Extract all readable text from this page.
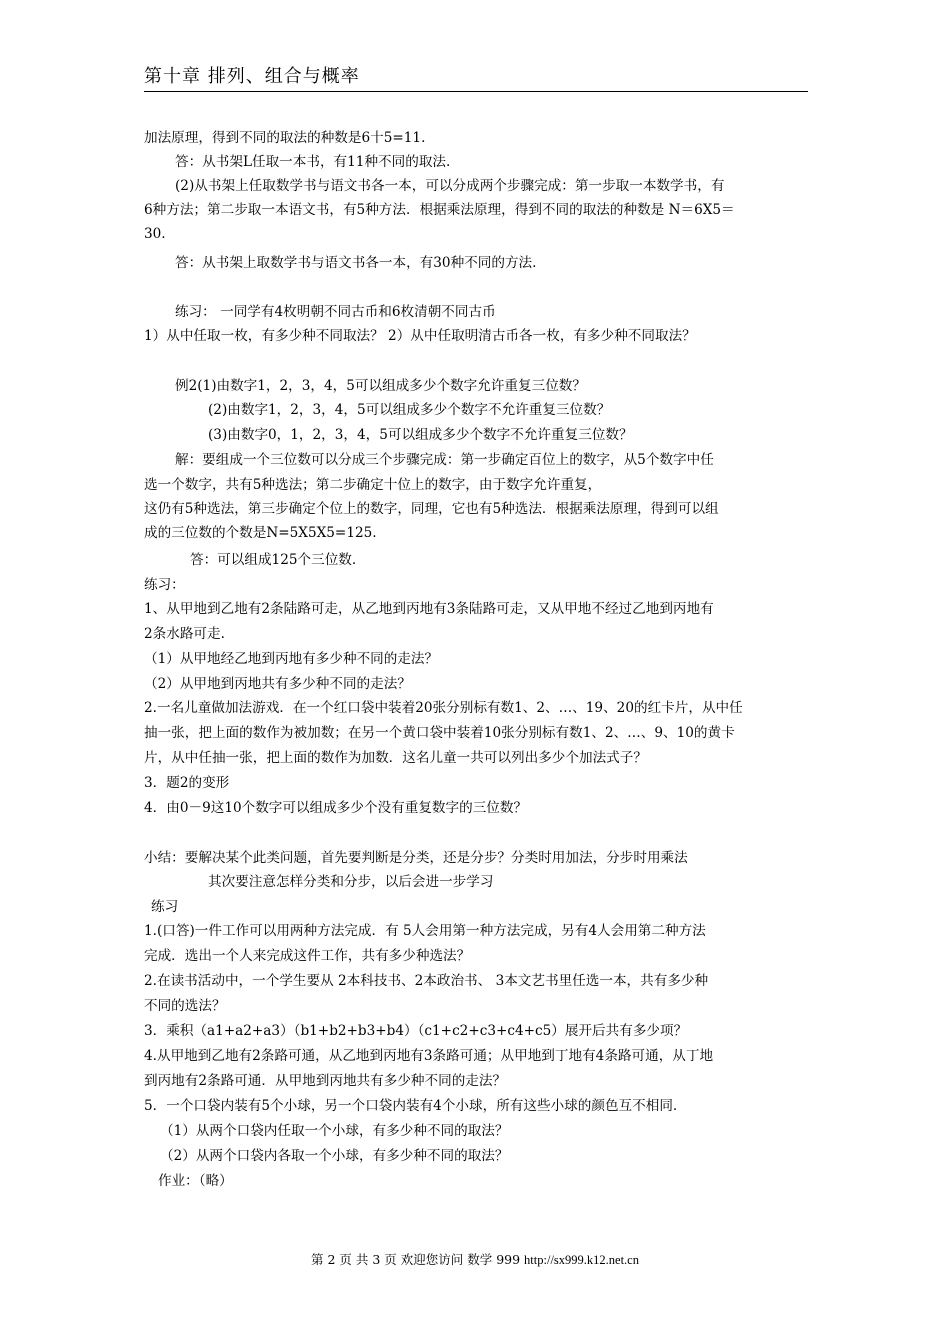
第十章 排列、组合与概率
加法原理，得到不同的取法的种数是6十5=11.
答：从书架L任取一本书，有11种不同的取法.
(2)从书架上任取数学书与语文书各一本，可以分成两个步骤完成：第一步取一本数学书，有
6种方法；第二步取一本语文书，有5种方法．根据乘法原理，得到不同的取法的种数是 N＝6X5＝
30.
答：从书架上取数学书与语文书各一本，有30种不同的方法.
练习： 一同学有4枚明朝不同古币和6枚清朝不同古币
1）从中任取一枚，有多少种不同取法？ 2）从中任取明清古币各一枚，有多少种不同取法？
例2(1)由数字1，2，3，4，5可以组成多少个数字允许重复三位数？
(2)由数字1，2，3，4，5可以组成多少个数字不允许重复三位数？
(3)由数字0，1，2，3，4，5可以组成多少个数字不允许重复三位数？
解：要组成一个三位数可以分成三个步骤完成：第一步确定百位上的数字，从5个数字中任
选一个数字，共有5种选法；第二步确定十位上的数字，由于数字允许重复，
这仍有5种选法，第三步确定个位上的数字，同理，它也有5种选法．根据乘法原理，得到可以组
成的三位数的个数是N=5X5X5=125.
答：可以组成125个三位数.
练习：
1、从甲地到乙地有2条陆路可走，从乙地到丙地有3条陆路可走，又从甲地不经过乙地到丙地有
2条水路可走.
（1）从甲地经乙地到丙地有多少种不同的走法？
（2）从甲地到丙地共有多少种不同的走法？
2.一名儿童做加法游戏．在一个红口袋中装着20张分别标有数1、2、…、19、20的红卡片，从中任
抽一张，把上面的数作为被加数；在另一个黄口袋中装着10张分别标有数1、2、…、9、10的黄卡
片，从中任抽一张，把上面的数作为加数．这名儿童一共可以列出多少个加法式子？
3．题2的变形
4．由0－9这10个数字可以组成多少个没有重复数字的三位数？
小结：要解决某个此类问题，首先要判断是分类，还是分步？分类时用加法，分步时用乘法
其次要注意怎样分类和分步，以后会进一步学习
练习
1.(口答)一件工作可以用两种方法完成．有 5人会用第一种方法完成，另有4人会用第二种方法
完成．选出一个人来完成这件工作，共有多少种选法？
2.在读书活动中，一个学生要从 2本科技书、2本政治书、 3本文艺书里任选一本，共有多少种
不同的选法？
3．乘积（a1+a2+a3）（b1+b2+b3+b4）（c1+c2+c3+c4+c5）展开后共有多少项？
4.从甲地到乙地有2条路可通，从乙地到丙地有3条路可通；从甲地到丁地有4条路可通，从丁地
到丙地有2条路可通．从甲地到丙地共有多少种不同的走法？
5．一个口袋内装有5个小球，另一个口袋内装有4个小球，所有这些小球的颜色互不相同.
（1）从两个口袋内任取一个小球，有多少种不同的取法？
（2）从两个口袋内各取一个小球，有多少种不同的取法？
作业：（略）
第 2 页 共 3 页 欢迎您访问 数学 999 http://sx999.k12.net.cn
